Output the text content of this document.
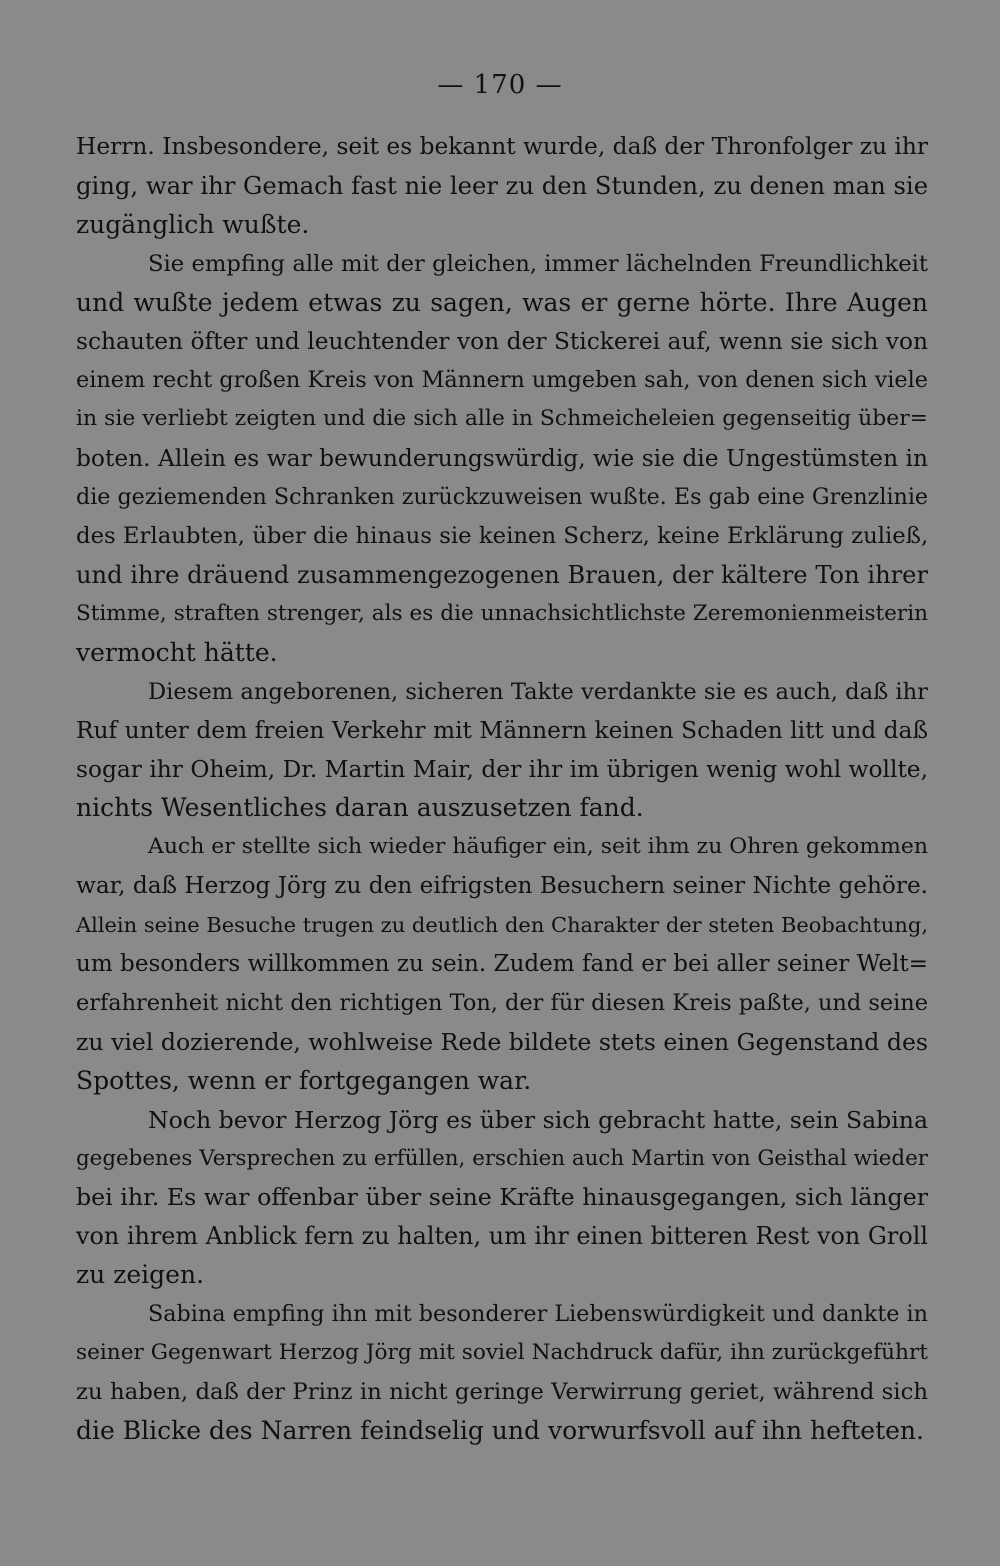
— 170 —
Herrn. Insbesondere, seit es bekannt wurde, daß der Thronfolger zu ihr
ging, war ihr Gemach fast nie leer zu den Stunden, zu denen man sie
zugänglich wußte.
Sie empfing alle mit der gleichen, immer lächelnden Freundlichkeit
und wußte jedem etwas zu sagen, was er gerne hörte. Ihre Augen
schauten öfter und leuchtender von der Stickerei auf, wenn sie sich von
einem recht großen Kreis von Männern umgeben sah, von denen sich viele
in sie verliebt zeigten und die sich alle in Schmeicheleien gegenseitig über=
boten. Allein es war bewunderungswürdig, wie sie die Ungestümsten in
die geziemenden Schranken zurückzuweisen wußte. Es gab eine Grenzlinie
des Erlaubten, über die hinaus sie keinen Scherz, keine Erklärung zuließ,
und ihre dräuend zusammengezogenen Brauen, der kältere Ton ihrer
Stimme, straften strenger, als es die unnachsichtlichste Zeremonienmeisterin
vermocht hätte.
Diesem angeborenen, sicheren Takte verdankte sie es auch, daß ihr
Ruf unter dem freien Verkehr mit Männern keinen Schaden litt und daß
sogar ihr Oheim, Dr. Martin Mair, der ihr im übrigen wenig wohl wollte,
nichts Wesentliches daran auszusetzen fand.
Auch er stellte sich wieder häufiger ein, seit ihm zu Ohren gekommen
war, daß Herzog Jörg zu den eifrigsten Besuchern seiner Nichte gehöre.
Allein seine Besuche trugen zu deutlich den Charakter der steten Beobachtung,
um besonders willkommen zu sein. Zudem fand er bei aller seiner Welt=
erfahrenheit nicht den richtigen Ton, der für diesen Kreis paßte, und seine
zu viel dozierende, wohlweise Rede bildete stets einen Gegenstand des
Spottes, wenn er fortgegangen war.
Noch bevor Herzog Jörg es über sich gebracht hatte, sein Sabina
gegebenes Versprechen zu erfüllen, erschien auch Martin von Geisthal wieder
bei ihr. Es war offenbar über seine Kräfte hinausgegangen, sich länger
von ihrem Anblick fern zu halten, um ihr einen bitteren Rest von Groll
zu zeigen.
Sabina empfing ihn mit besonderer Liebenswürdigkeit und dankte in
seiner Gegenwart Herzog Jörg mit soviel Nachdruck dafür, ihn zurückgeführt
zu haben, daß der Prinz in nicht geringe Verwirrung geriet, während sich
die Blicke des Narren feindselig und vorwurfsvoll auf ihn hefteten.
